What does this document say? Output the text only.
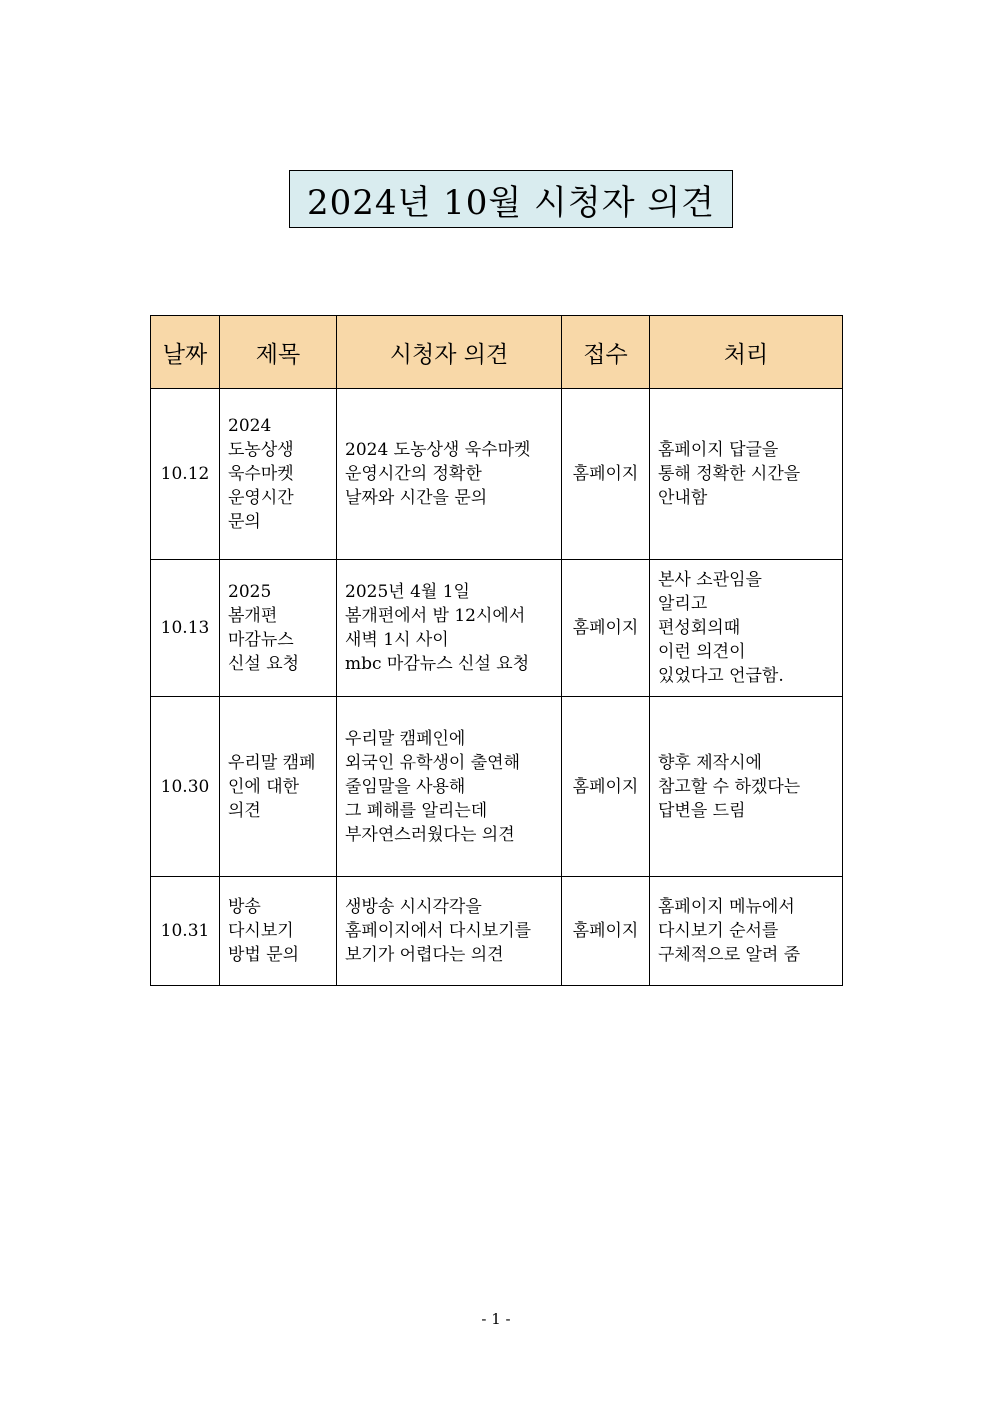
2024년 10월 시청자 의견
날짜	제목	시청자 의견	접수	처리
10.12	2024
도농상생
욱수마켓
운영시간
문의	2024 도농상생 욱수마켓
운영시간의 정확한
날짜와 시간을 문의	홈페이지	홈페이지 답글을
통해 정확한 시간을
안내함

10.13	2025
봄개편
마감뉴스
신설 요청	2025년 4월 1일
봄개편에서 밤 12시에서
새벽 1시 사이
mbc 마감뉴스 신설 요청	홈페이지	본사 소관임을
알리고
편성회의때
이런 의견이
있었다고 언급함.

10.30	우리말 캠페
인에 대한
의견	우리말 캠페인에
외국인 유학생이 출연해
줄임말을 사용해
그 폐해를 알리는데
부자연스러웠다는 의견	홈페이지	향후 제작시에
참고할 수 하겠다는
답변을 드림

10.31	방송
다시보기
방법 문의	생방송 시시각각을
홈페이지에서 다시보기를
보기가 어렵다는 의견	홈페이지	홈페이지 메뉴에서
다시보기 순서를
구체적으로 알려 줌
- 1 -
